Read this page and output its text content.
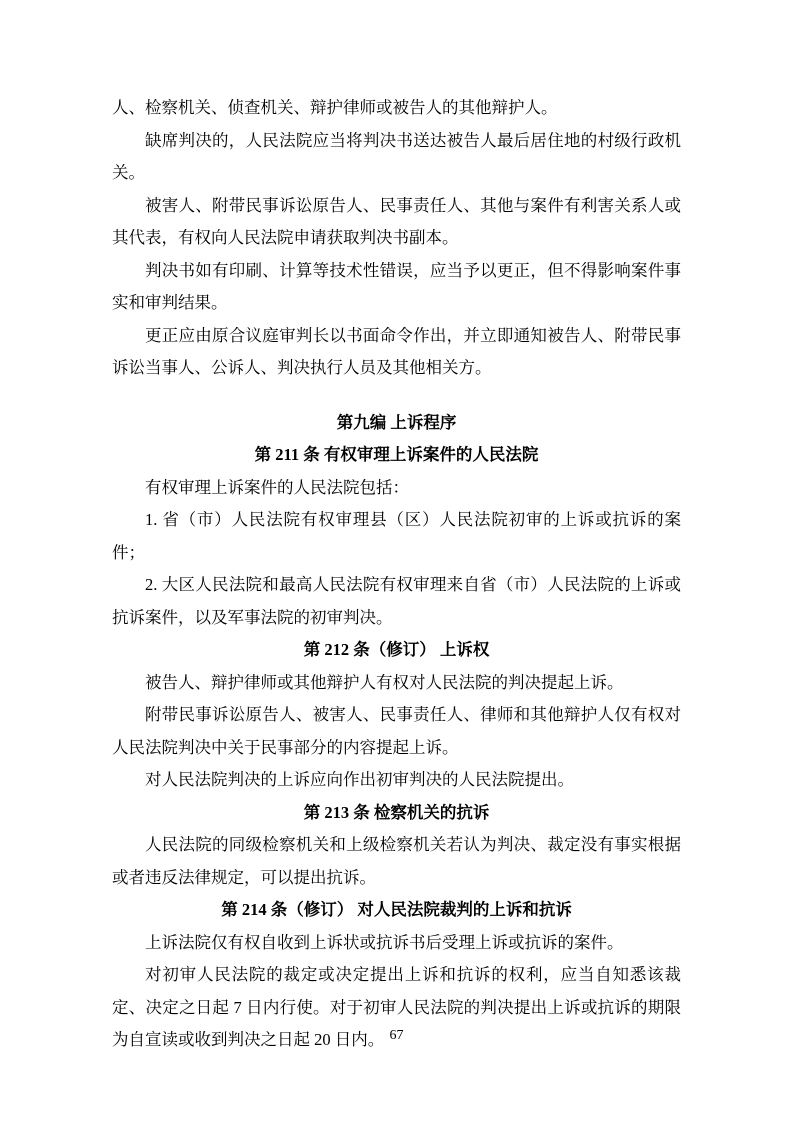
人、检察机关、侦查机关、辩护律师或被告人的其他辩护人。
缺席判决的，人民法院应当将判决书送达被告人最后居住地的村级行政机关。
被害人、附带民事诉讼原告人、民事责任人、其他与案件有利害关系人或其代表，有权向人民法院申请获取判决书副本。
判决书如有印刷、计算等技术性错误，应当予以更正，但不得影响案件事实和审判结果。
更正应由原合议庭审判长以书面命令作出，并立即通知被告人、附带民事诉讼当事人、公诉人、判决执行人员及其他相关方。
第九编 上诉程序
第 211 条 有权审理上诉案件的人民法院
有权审理上诉案件的人民法院包括：
1. 省（市）人民法院有权审理县（区）人民法院初审的上诉或抗诉的案件；
2. 大区人民法院和最高人民法院有权审理来自省（市）人民法院的上诉或抗诉案件，以及军事法院的初审判决。
第 212 条（修订） 上诉权
被告人、辩护律师或其他辩护人有权对人民法院的判决提起上诉。
附带民事诉讼原告人、被害人、民事责任人、律师和其他辩护人仅有权对人民法院判决中关于民事部分的内容提起上诉。
对人民法院判决的上诉应向作出初审判决的人民法院提出。
第 213 条 检察机关的抗诉
人民法院的同级检察机关和上级检察机关若认为判决、裁定没有事实根据或者违反法律规定，可以提出抗诉。
第 214 条（修订） 对人民法院裁判的上诉和抗诉
上诉法院仅有权自收到上诉状或抗诉书后受理上诉或抗诉的案件。
对初审人民法院的裁定或决定提出上诉和抗诉的权利，应当自知悉该裁定、决定之日起 7 日内行使。对于初审人民法院的判决提出上诉或抗诉的期限为自宣读或收到判决之日起 20 日内。 67
